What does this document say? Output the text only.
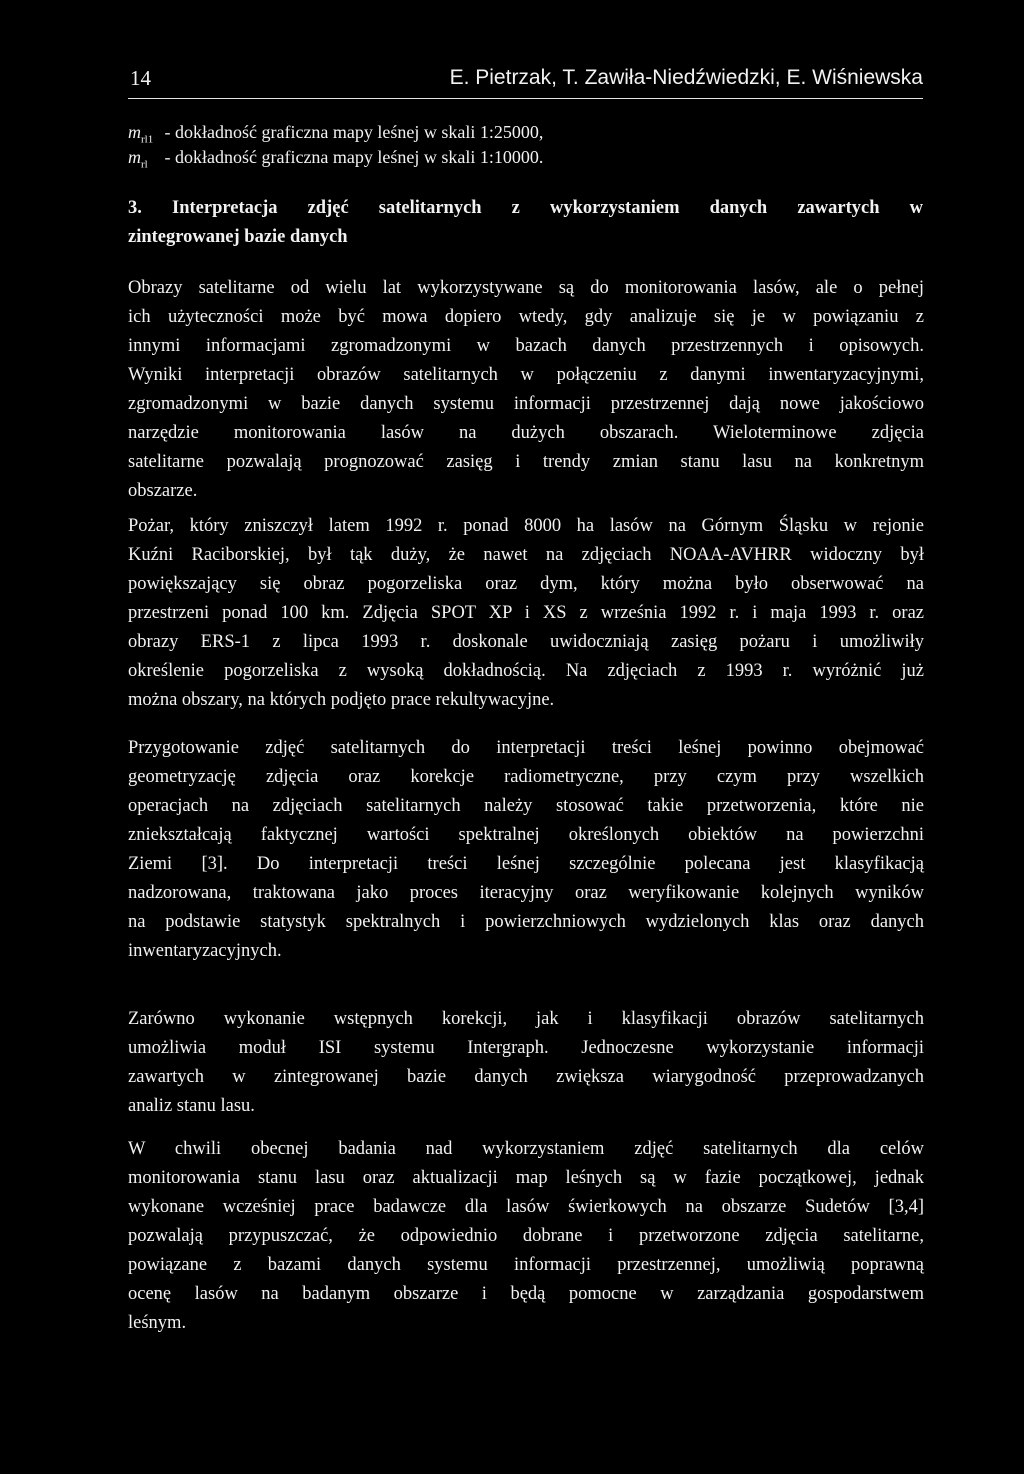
14	E. Pietrzak, T. Zawiła-Niedźwiedzki, E. Wiśniewska
$m_{rl1}$ - dokładność graficzna mapy leśnej w skali 1:25000,
$m_{rl}$ - dokładność graficzna mapy leśnej w skali 1:10000.
3. Interpretacja zdjęć satelitarnych z wykorzystaniem danych zawartych w
zintegrowanej bazie danych
Obrazy satelitarne od wielu lat wykorzystywane są do monitorowania lasów, ale o pełnej
ich użyteczności może być mowa dopiero wtedy, gdy analizuje się je w powiązaniu z
innymi informacjami zgromadzonymi w bazach danych przestrzennych i opisowych.
Wyniki interpretacji obrazów satelitarnych w połączeniu z danymi inwentaryzacyjnymi,
zgromadzonymi w bazie danych systemu informacji przestrzennej dają nowe jakościowo
narzędzie monitorowania lasów na dużych obszarach. Wieloterminowe zdjęcia
satelitarne pozwalają prognozować zasięg i trendy zmian stanu lasu na konkretnym
obszarze.
Pożar, który zniszczył latem 1992 r. ponad 8000 ha lasów na Górnym Śląsku w rejonie
Kuźni Raciborskiej, był tąk duży, że nawet na zdjęciach NOAA-AVHRR widoczny był
powiększający się obraz pogorzeliska oraz dym, który można było obserwować na
przestrzeni ponad 100 km. Zdjęcia SPOT XP i XS z września 1992 r. i maja 1993 r. oraz
obrazy ERS-1 z lipca 1993 r. doskonale uwidoczniają zasięg pożaru i umożliwiły
określenie pogorzeliska z wysoką dokładnością. Na zdjęciach z 1993 r. wyróżnić już
można obszary, na których podjęto prace rekultywacyjne.
Przygotowanie zdjęć satelitarnych do interpretacji treści leśnej powinno obejmować
geometryzację zdjęcia oraz korekcje radiometryczne, przy czym przy wszelkich
operacjach na zdjęciach satelitarnych należy stosować takie przetworzenia, które nie
zniekształcają faktycznej wartości spektralnej określonych obiektów na powierzchni
Ziemi [3]. Do interpretacji treści leśnej szczególnie polecana jest klasyfikacją
nadzorowana, traktowana jako proces iteracyjny oraz weryfikowanie kolejnych wyników
na podstawie statystyk spektralnych i powierzchniowych wydzielonych klas oraz danych
inwentaryzacyjnych.
Zarówno wykonanie wstępnych korekcji, jak i klasyfikacji obrazów satelitarnych
umożliwia moduł ISI systemu Intergraph. Jednoczesne wykorzystanie informacji
zawartych w zintegrowanej bazie danych zwiększa wiarygodność przeprowadzanych
analiz stanu lasu.
W chwili obecnej badania nad wykorzystaniem zdjęć satelitarnych dla celów
monitorowania stanu lasu oraz aktualizacji map leśnych są w fazie początkowej, jednak
wykonane wcześniej prace badawcze dla lasów świerkowych na obszarze Sudetów [3,4]
pozwalają przypuszczać, że odpowiednio dobrane i przetworzone zdjęcia satelitarne,
powiązane z bazami danych systemu informacji przestrzennej, umożliwią poprawną
ocenę lasów na badanym obszarze i będą pomocne w zarządzania gospodarstwem
leśnym.
